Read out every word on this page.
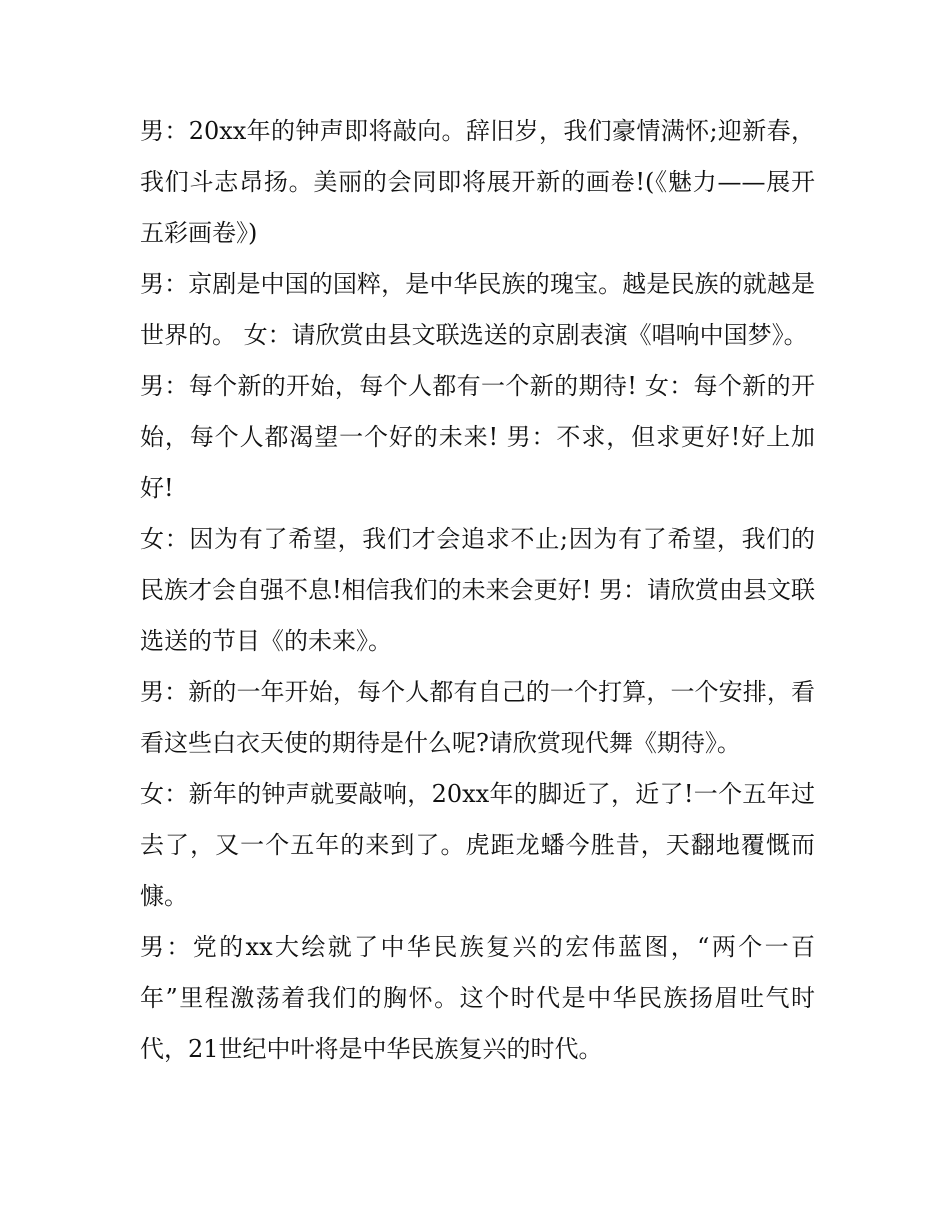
男：20xx年的钟声即将敲向。辞旧岁，我们豪情满怀;迎新春，我们斗志昂扬。美丽的会同即将展开新的画卷!(《魅力——展开五彩画卷》)

男：京剧是中国的国粹，是中华民族的瑰宝。越是民族的就越是世界的。 女：请欣赏由县文联选送的京剧表演《唱响中国梦》。

男：每个新的开始，每个人都有一个新的期待! 女：每个新的开始，每个人都渴望一个好的未来! 男：不求，但求更好!好上加好!

女：因为有了希望，我们才会追求不止;因为有了希望，我们的民族才会自强不息!相信我们的未来会更好! 男：请欣赏由县文联选送的节目《的未来》。

男：新的一年开始，每个人都有自己的一个打算，一个安排，看看这些白衣天使的期待是什么呢?请欣赏现代舞《期待》。

女：新年的钟声就要敲响，20xx年的脚近了，近了!一个五年过去了，又一个五年的来到了。虎距龙蟠今胜昔，天翻地覆慨而慷。

男：党的xx大绘就了中华民族复兴的宏伟蓝图，“两个一百年”里程激荡着我们的胸怀。这个时代是中华民族扬眉吐气时代，21世纪中叶将是中华民族复兴的时代。
